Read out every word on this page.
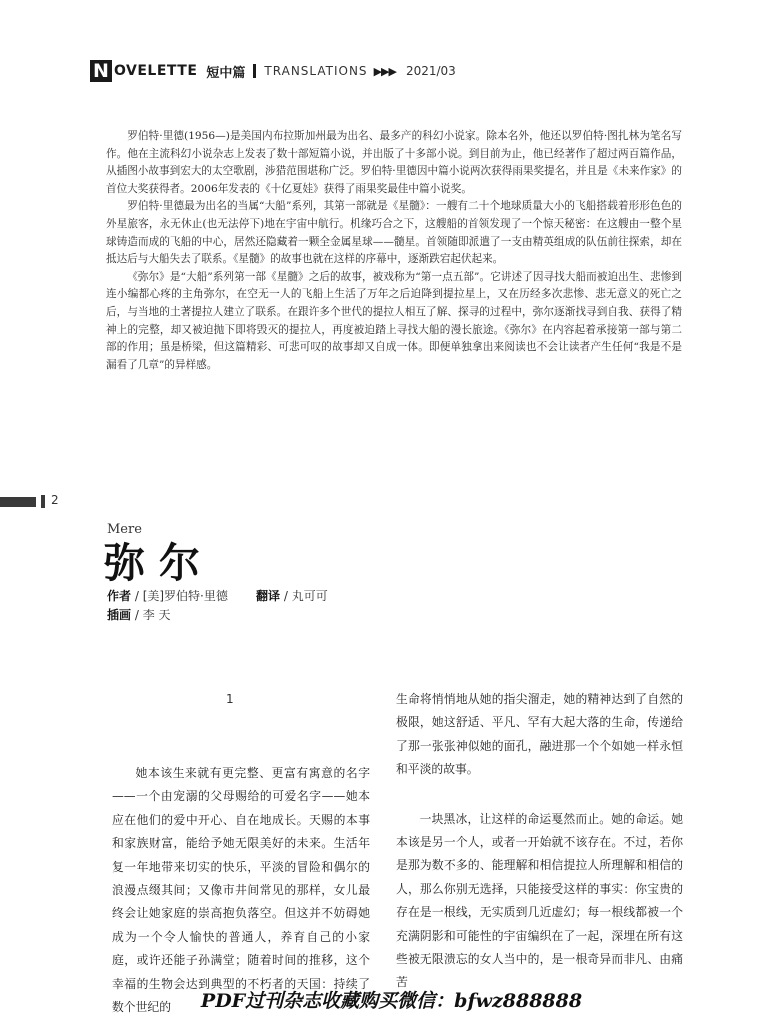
N OVELETTE 短中篇 TRANSLATIONS ▶▶▶ 2021/03

罗伯特·里德(1956—)是美国内布拉斯加州最为出名、最多产的科幻小说家。除本名外，他还以罗伯特·图扎林为笔名写作。他在主流科幻小说杂志上发表了数十部短篇小说，并出版了十多部小说。到目前为止，他已经著作了超过两百篇作品，从插图小故事到宏大的太空歌剧，涉猎范围堪称广泛。罗伯特·里德因中篇小说两次获得雨果奖提名，并且是《未来作家》的首位大奖获得者。2006年发表的《十亿夏娃》获得了雨果奖最佳中篇小说奖。

罗伯特·里德最为出名的当属“大船”系列，其第一部就是《星髓》：一艘有二十个地球质量大小的飞船搭载着形形色色的外星旅客，永无休止(也无法停下)地在宇宙中航行。机缘巧合之下，这艘船的首领发现了一个惊天秘密：在这艘由一整个星球铸造而成的飞船的中心，居然还隐藏着一颗全金属星球——髓星。首领随即派遣了一支由精英组成的队伍前往探索，却在抵达后与大船失去了联系。《星髓》的故事也就在这样的序幕中，逐渐跌宕起伏起来。

《弥尔》是“大船”系列第一部《星髓》之后的故事，被戏称为“第一点五部”。它讲述了因寻找大船而被迫出生、悲惨到连小编都心疼的主角弥尔，在空无一人的飞船上生活了万年之后迫降到提拉星上，又在历经多次悲惨、悲无意义的死亡之后，与当地的土著提拉人建立了联系。在跟许多个世代的提拉人相互了解、探寻的过程中，弥尔逐渐找寻到自我、获得了精神上的完整，却又被迫抛下即将毁灭的提拉人，再度被迫踏上寻找大船的漫长旅途。《弥尔》在内容起着承接第一部与第二部的作用；虽是桥梁，但这篇精彩、可悲可叹的故事却又自成一体。即便单独拿出来阅读也不会让读者产生任何“我是不是漏看了几章”的异样感。

2
Mere
弥尔
作者 / [美]罗伯特·里德 翻译 / 丸可可
插画 / 李 天
1

她本该生来就有更完整、更富有寓意的名字——一个由宠溺的父母赐给的可爱名字——她本应在他们的爱中开心、自在地成长。天赐的本事和家族财富，能给予她无限美好的未来。生活年复一年地带来切实的快乐，平淡的冒险和偶尔的浪漫点缀其间；又像市井间常见的那样，女儿最终会让她家庭的崇高抱负落空。但这并不妨碍她成为一个令人愉快的普通人，养育自己的小家庭，或许还能子孙满堂；随着时间的推移，这个幸福的生物会达到典型的不朽者的天国：持续了数个世纪的

生命将悄悄地从她的指尖溜走，她的精神达到了自然的极限，她这舒适、平凡、罕有大起大落的生命，传递给了那一张张神似她的面孔，融进那一个个如她一样永恒和平淡的故事。

一块黑冰，让这样的命运戛然而止。她的命运。她本该是另一个人，或者一开始就不该存在。不过，若你是那为数不多的、能理解和相信提拉人所理解和相信的人，那么你别无选择，只能接受这样的事实：你宝贵的存在是一根线，无实质到几近虚幻；每一根线都被一个充满阴影和可能性的宇宙编织在了一起，深埋在所有这些被无限溃忘的女人当中的，是一根奇异而非凡、由痛苦

PDF过刊杂志收藏购买微信：bfwz888888
